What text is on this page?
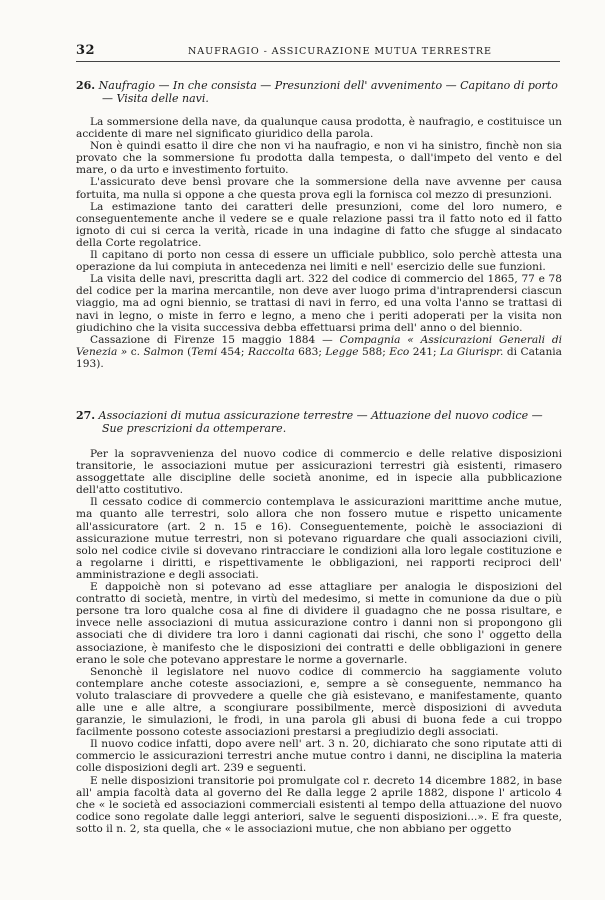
32	NAUFRAGIO - ASSICURAZIONE MUTUA TERRESTRE
26. Naufragio — In che consista — Presunzioni dell' avvenimento — Capitano di porto — Visita delle navi.

La sommersione della nave, da qualunque causa prodotta, è naufragio, e costituisce un accidente di mare nel significato giuridico della parola.

Non è quindi esatto il dire che non vi ha naufragio, e non vi ha sinistro, finchè non sia provato che la sommersione fu prodotta dalla tempesta, o dall'impeto del vento e del mare, o da urto e investimento fortuito.

L'assicurato deve bensì provare che la sommersione della nave avvenne per causa fortuita, ma nulla si oppone a che questa prova egli la fornisca col mezzo di presunzioni.

La estimazione tanto dei caratteri delle presunzioni, come del loro numero, e conseguentemente anche il vedere se e quale relazione passi tra il fatto noto ed il fatto ignoto di cui si cerca la verità, ricade in una indagine di fatto che sfugge al sindacato della Corte regolatrice.

Il capitano di porto non cessa di essere un ufficiale pubblico, solo perchè attesta una operazione da lui compiuta in antecedenza nei limiti e nell' esercizio delle sue funzioni.

La visita delle navi, prescritta dagli art. 322 del codice di commercio del 1865, 77 e 78 del codice per la marina mercantile, non deve aver luogo prima d'intraprendersi ciascun viaggio, ma ad ogni biennio, se trattasi di navi in ferro, ed una volta l'anno se trattasi di navi in legno, o miste in ferro e legno, a meno che i periti adoperati per la visita non giudichino che la visita successiva debba effettuarsi prima dell' anno o del biennio.

Cassazione di Firenze 15 maggio 1884 — Compagnia « Assicurazioni Generali di Venezia » c. Salmon (Temi 454; Raccolta 683; Legge 588; Eco 241; La Giurispr. di Catania 193).

27. Associazioni di mutua assicurazione terrestre — Attuazione del nuovo codice — Sue prescrizioni da ottemperare.

Per la sopravvenienza del nuovo codice di commercio e delle relative disposizioni transitorie, le associazioni mutue per assicurazioni terrestri già esistenti, rimasero assoggettate alle discipline delle società anonime, ed in ispecie alla pubblicazione dell'atto costitutivo.

Il cessato codice di commercio contemplava le assicurazioni marittime anche mutue, ma quanto alle terrestri, solo allora che non fossero mutue e rispetto unicamente all'assicuratore (art. 2 n. 15 e 16). Conseguentemente, poichè le associazioni di assicurazione mutue terrestri, non si potevano riguardare che quali associazioni civili, solo nel codice civile si dovevano rintracciare le condizioni alla loro legale costituzione e a regolarne i diritti, e rispettivamente le obbligazioni, nei rapporti reciproci dell' amministrazione e degli associati.

E dappoichè non si potevano ad esse attagliare per analogia le disposizioni del contratto di società, mentre, in virtù del medesimo, si mette in comunione da due o più persone tra loro qualche cosa al fine di dividere il guadagno che ne possa risultare, e invece nelle associazioni di mutua assicurazione contro i danni non si propongono gli associati che di dividere tra loro i danni cagionati dai rischi, che sono l' oggetto della associazione, è manifesto che le disposizioni dei contratti e delle obbligazioni in genere erano le sole che potevano apprestare le norme a governarle.

Senonchè il legislatore nel nuovo codice di commercio ha saggiamente voluto contemplare anche coteste associazioni, e, sempre a sè conseguente, nemmanco ha voluto tralasciare di provvedere a quelle che già esistevano, e manifestamente, quanto alle une e alle altre, a scongiurare possibilmente, mercè disposizioni di avveduta garanzie, le simulazioni, le frodi, in una parola gli abusi di buona fede a cui troppo facilmente possono coteste associazioni prestarsi a pregiudizio degli associati.

Il nuovo codice infatti, dopo avere nell' art. 3 n. 20, dichiarato che sono riputate atti di commercio le assicurazioni terrestri anche mutue contro i danni, ne disciplina la materia colle disposizioni degli art. 239 e seguenti.

E nelle disposizioni transitorie poi promulgate col r. decreto 14 dicembre 1882, in base all' ampia facoltà data al governo del Re dalla legge 2 aprile 1882, dispone l' articolo 4 che « le società ed associazioni commerciali esistenti al tempo della attuazione del nuovo codice sono regolate dalle leggi anteriori, salve le seguenti disposizioni...». E fra queste, sotto il n. 2, sta quella, che « le associazioni mutue, che non abbiano per oggetto
